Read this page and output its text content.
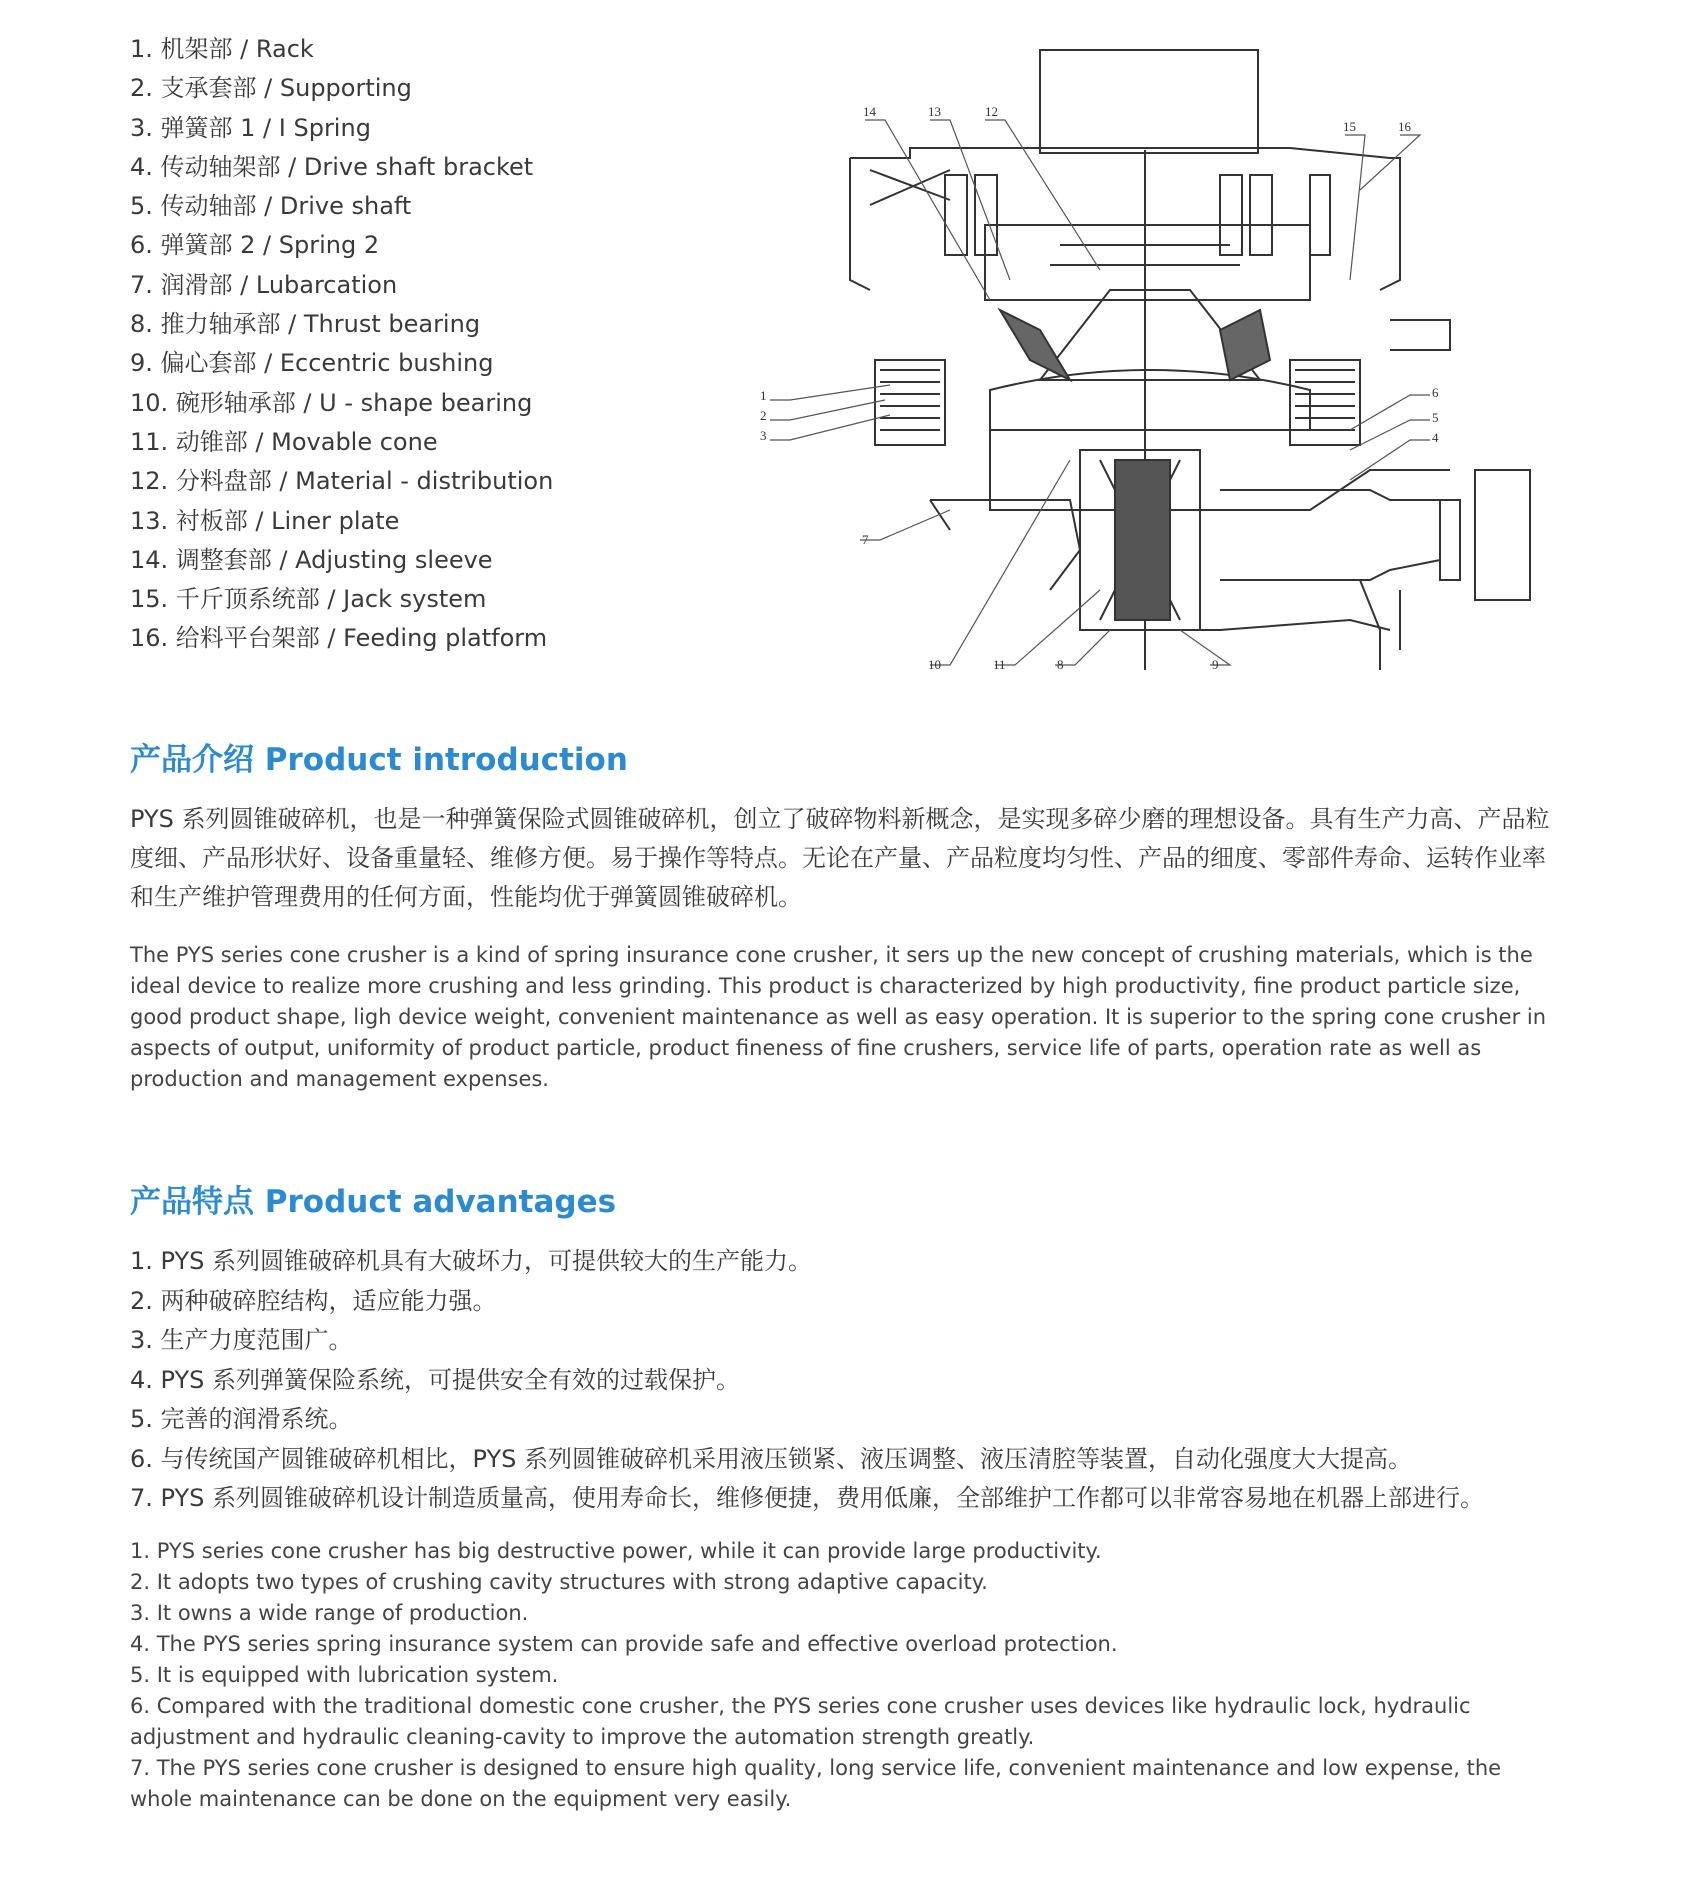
1. 机架部 / Rack
2. 支承套部 / Supporting
3. 弹簧部 1 / I Spring
4. 传动轴架部 / Drive shaft bracket
5. 传动轴部 / Drive shaft
6. 弹簧部 2 / Spring 2
7. 润滑部 / Lubarcation
8. 推力轴承部 / Thrust bearing
9. 偏心套部 / Eccentric bushing
10. 碗形轴承部 / U - shape bearing
11. 动锥部 / Movable cone
12. 分料盘部 / Material - distribution
13. 衬板部 / Liner plate
14. 调整套部 / Adjusting sleeve
15. 千斤顶系统部 / Jack system
16. 给料平台架部 / Feeding platform
1
2
3	4
5
6
7
8	9
10	11
12
13
14
15	16
产品介绍 Product introduction
PYS 系列圆锥破碎机，也是一种弹簧保险式圆锥破碎机，创立了破碎物料新概念，是实现多碎少磨的理想设备。具有生产力高、产品粒度细、产品形状好、设备重量轻、维修方便。易于操作等特点。无论在产量、产品粒度均匀性、产品的细度、零部件寿命、运转作业率和生产维护管理费用的任何方面，性能均优于弹簧圆锥破碎机。
The PYS series cone crusher is a kind of spring insurance cone crusher, it sers up the new concept of crushing materials, which is the ideal device to realize more crushing and less grinding. This product is characterized by high productivity, fine product particle size, good product shape, ligh device weight, convenient maintenance as well as easy operation. It is superior to the spring cone crusher in aspects of output, uniformity of product particle, product fineness of fine crushers, service life of parts, operation rate as well as production and management expenses.
产品特点 Product advantages
1. PYS 系列圆锥破碎机具有大破坏力，可提供较大的生产能力。
2. 两种破碎腔结构，适应能力强。
3. 生产力度范围广。
4. PYS 系列弹簧保险系统，可提供安全有效的过载保护。
5. 完善的润滑系统。
6. 与传统国产圆锥破碎机相比，PYS 系列圆锥破碎机采用液压锁紧、液压调整、液压清腔等装置，自动化强度大大提高。
7. PYS 系列圆锥破碎机设计制造质量高，使用寿命长，维修便捷，费用低廉，全部维护工作都可以非常容易地在机器上部进行。
1. PYS series cone crusher has big destructive power, while it can provide large productivity.
2. It adopts two types of crushing cavity structures with strong adaptive capacity.
3. It owns a wide range of production.
4. The PYS series spring insurance system can provide safe and effective overload protection.
5. It is equipped with lubrication system.
6. Compared with the traditional domestic cone crusher, the PYS series cone crusher uses devices like hydraulic lock, hydraulic adjustment and hydraulic cleaning-cavity to improve the automation strength greatly.
7. The PYS series cone crusher is designed to ensure high quality, long service life, convenient maintenance and low expense, the whole maintenance can be done on the equipment very easily.
